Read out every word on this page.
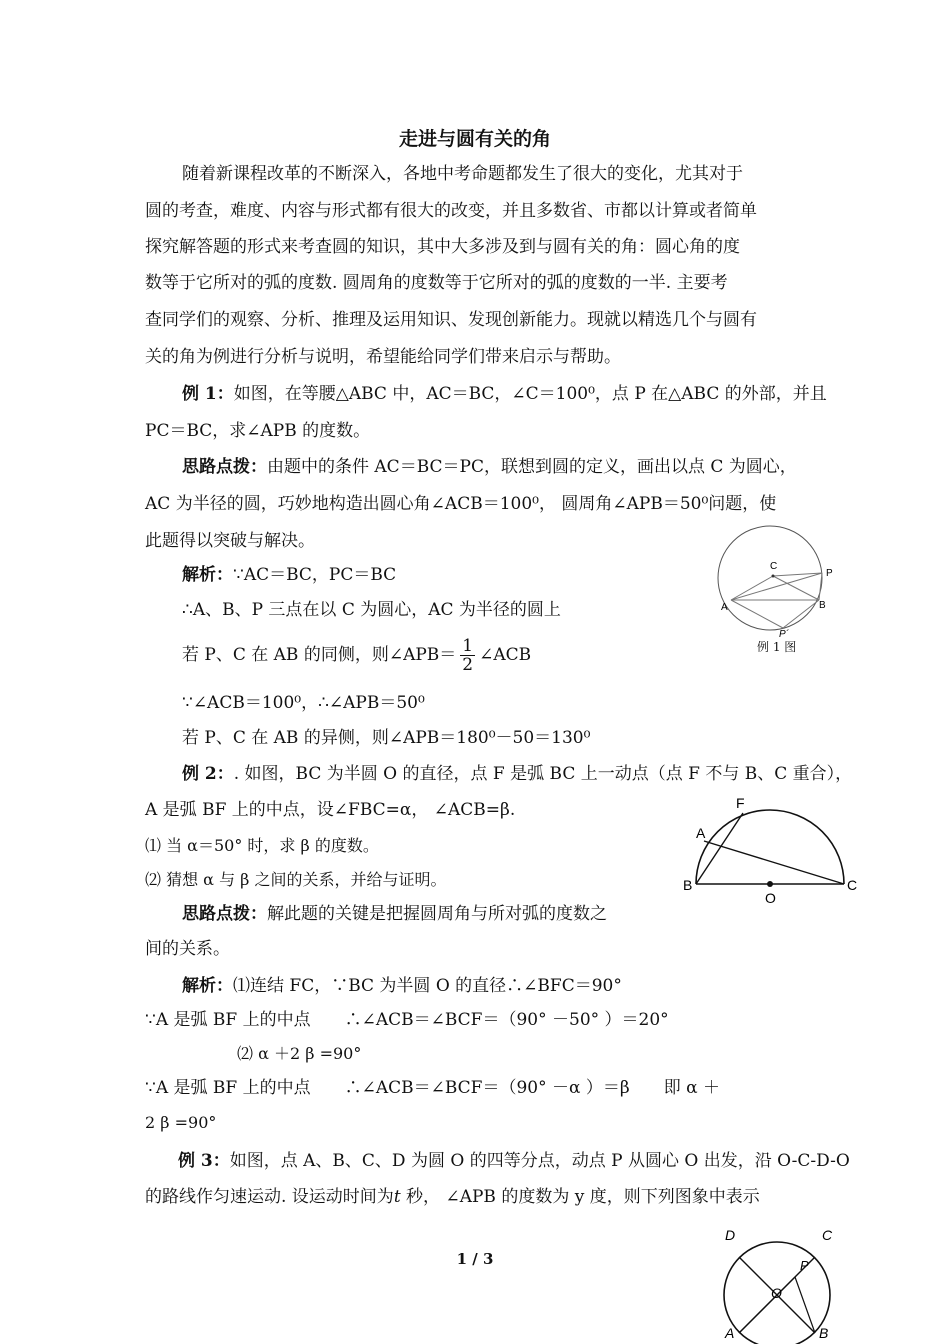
走进与圆有关的角
随着新课程改革的不断深入，各地中考命题都发生了很大的变化，尤其对于
圆的考查，难度、内容与形式都有很大的改变，并且多数省、市都以计算或者简单
探究解答题的形式来考查圆的知识，其中大多涉及到与圆有关的角：圆心角的度
数等于它所对的弧的度数. 圆周角的度数等于它所对的弧的度数的一半. 主要考
查同学们的观察、分析、推理及运用知识、发现创新能力。现就以精选几个与圆有
关的角为例进行分析与说明，希望能给同学们带来启示与帮助。
例 1：如图，在等腰△ABC 中，AC＝BC，∠C＝100⁰，点 P 在△ABC 的外部，并且
PC＝BC，求∠APB 的度数。
思路点拨：由题中的条件 AC＝BC＝PC，联想到圆的定义，画出以点 C 为圆心，
AC 为半径的圆，巧妙地构造出圆心角∠ACB＝100⁰， 圆周角∠APB＝50⁰问题，使
此题得以突破与解决。
解析：∵AC＝BC，PC＝BC
∴A、B、P 三点在以 C 为圆心，AC 为半径的圆上
若 P、C 在 AB 的同侧，则∠APB＝ $\frac{1}{2}$ ∠ACB
∵∠ACB＝100⁰，∴∠APB＝50⁰
若 P、C 在 AB 的异侧，则∠APB＝180⁰－50＝130⁰
C
P
A	B
P´
例 1 图
例 2：. 如图，BC 为半圆 O 的直径，点 F 是弧 BC 上一动点（点 F 不与 B、C 重合），
A 是弧 BF 上的中点，设∠FBC=α， ∠ACB=β.
⑴ 当 α＝50° 时，求 β 的度数。
⑵ 猜想 α 与 β 之间的关系，并给与证明。
思路点拨：解此题的关键是把握圆周角与所对弧的度数之
间的关系。
解析：⑴连结 FC，∵BC 为半圆 O 的直径∴∠BFC＝90°
∵A 是弧 BF 上的中点　　∴∠ACB＝∠BCF＝（90° －50° ）＝20°
⑵ α ＋2 β =90°
∵A 是弧 BF 上的中点　　∴∠ACB＝∠BCF＝（90° －α ）＝β　　即 α ＋
2 β =90°
F
A
B	C
O
例 3：如图，点 A、B、C、D 为圆 O 的四等分点，动点 P 从圆心 O 出发，沿 O-C-D-O
的路线作匀速运动. 设运动时间为t 秒， ∠APB 的度数为 y 度，则下列图象中表示
D	C
P
O
A	B
1 / 3
